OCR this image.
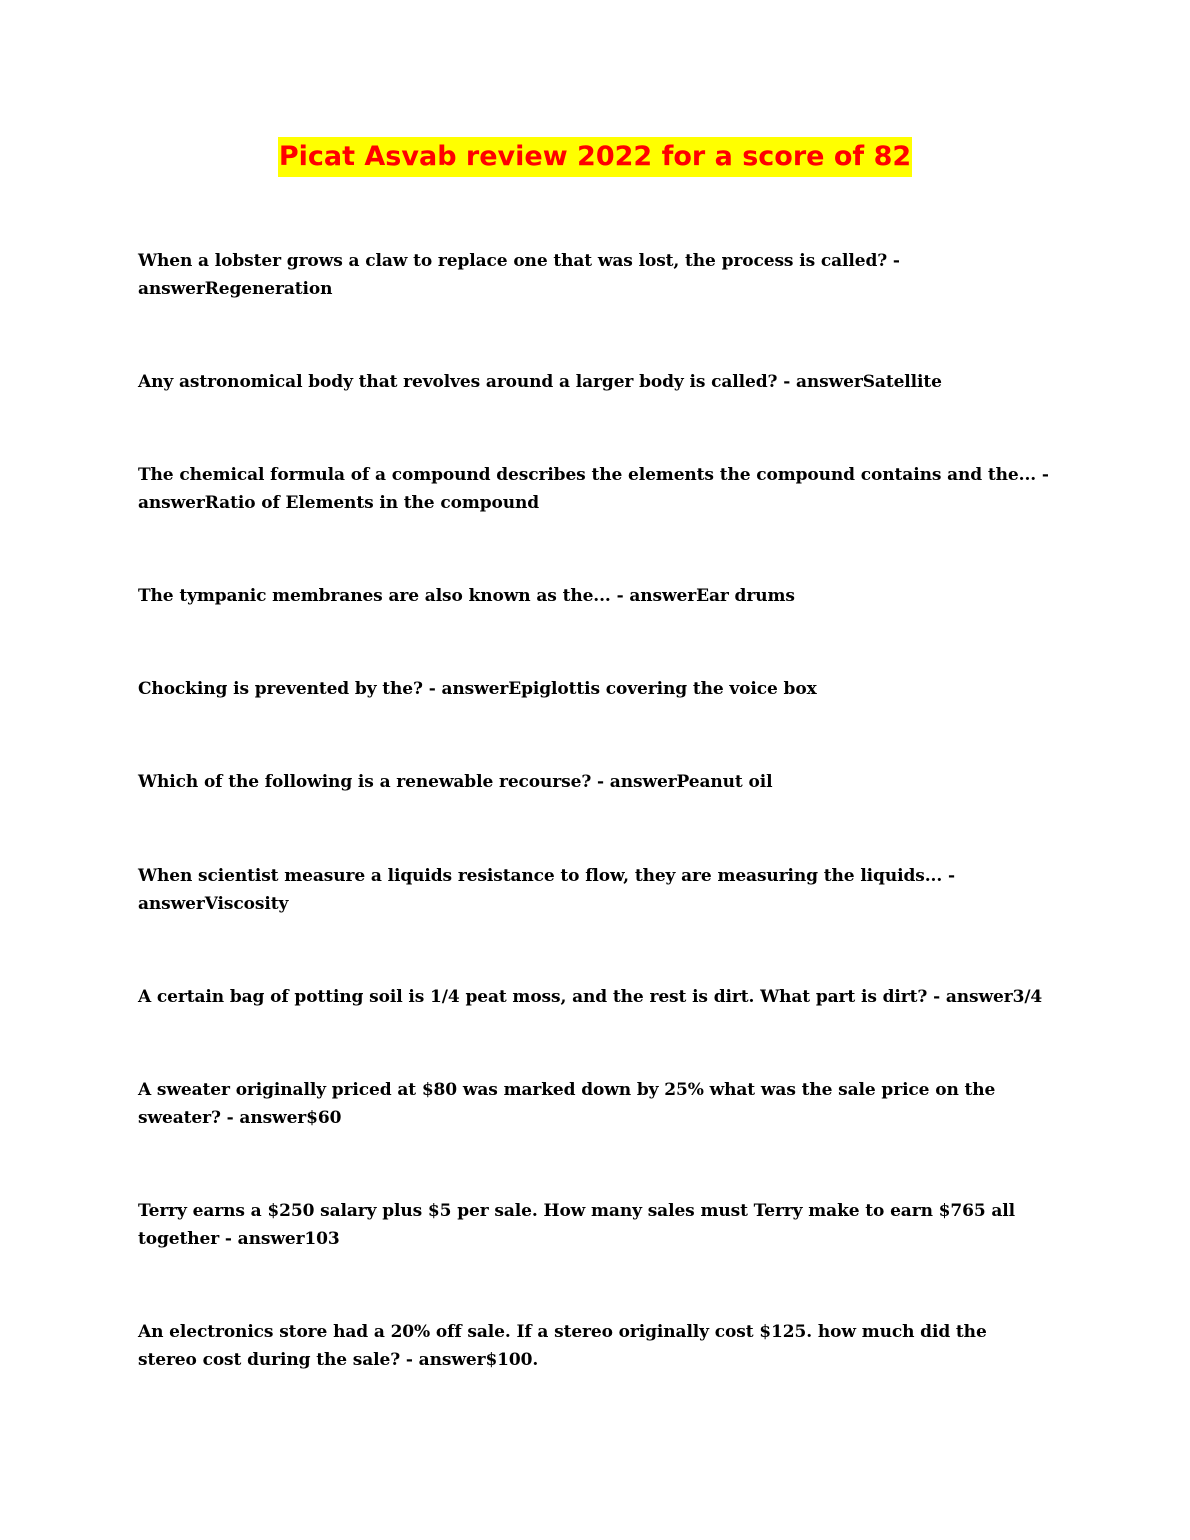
Picat Asvab review 2022 for a score of 82

When a lobster grows a claw to replace one that was lost, the process is called? - answerRegeneration

Any astronomical body that revolves around a larger body is called? - answerSatellite

The chemical formula of a compound describes the elements the compound contains and the... - answerRatio of Elements in the compound

The tympanic membranes are also known as the... - answerEar drums

Chocking is prevented by the? - answerEpiglottis covering the voice box

Which of the following is a renewable recourse? - answerPeanut oil

When scientist measure a liquids resistance to flow, they are measuring the liquids... - answerViscosity

A certain bag of potting soil is 1/4 peat moss, and the rest is dirt. What part is dirt? - answer3/4

A sweater originally priced at $80 was marked down by 25% what was the sale price on the sweater? - answer$60

Terry earns a $250 salary plus $5 per sale. How many sales must Terry make to earn $765 all together - answer103

An electronics store had a 20% off sale. If a stereo originally cost $125. how much did the stereo cost during the sale? - answer$100.
